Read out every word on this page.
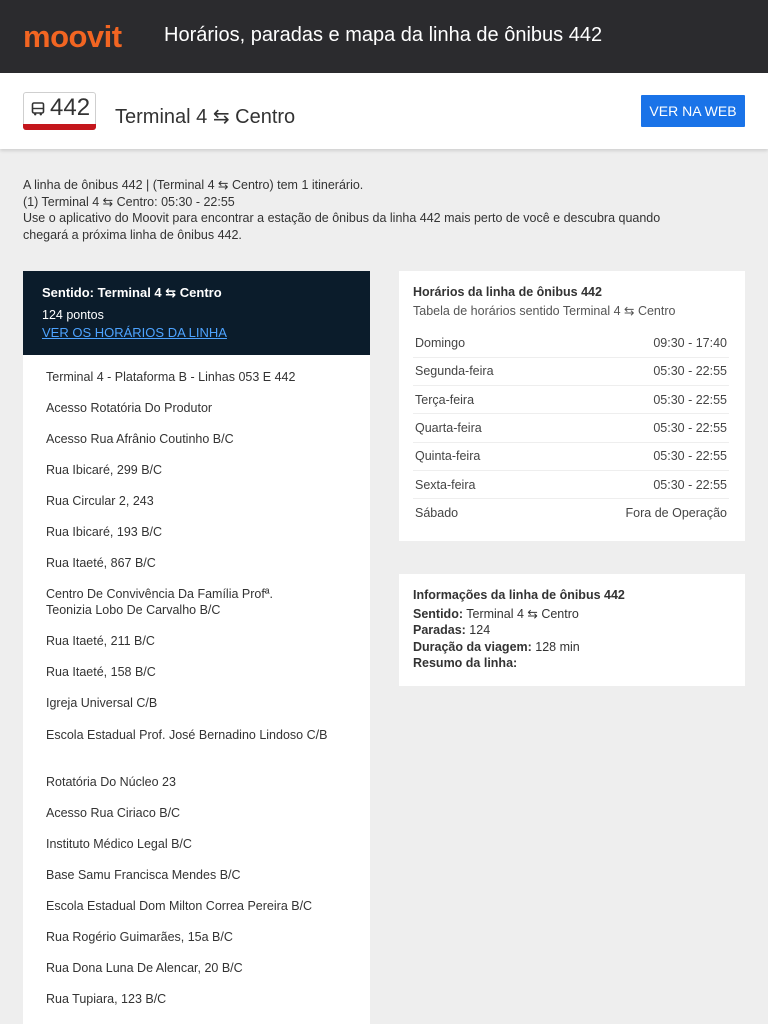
moovit Horários, paradas e mapa da linha de ônibus 442
442 Terminal 4 ⇆ Centro	VER NA WEB
A linha de ônibus 442 | (Terminal 4 ⇆ Centro) tem 1 itinerário.
(1) Terminal 4 ⇆ Centro: 05:30 - 22:55
Use o aplicativo do Moovit para encontrar a estação de ônibus da linha 442 mais perto de você e descubra quando
chegará a próxima linha de ônibus 442.
Sentido: Terminal 4 ⇆ Centro
124 pontos
VER OS HORÁRIOS DA LINHA
Terminal 4 - Plataforma B - Linhas 053 E 442
Acesso Rotatória Do Produtor
Acesso Rua Afrânio Coutinho B/C
Rua Ibicaré, 299 B/C
Rua Circular 2, 243
Rua Ibicaré, 193 B/C
Rua Itaeté, 867 B/C
Centro De Convivência Da Família Profª. Teonizia Lobo De Carvalho B/C
Rua Itaeté, 211 B/C
Rua Itaeté, 158 B/C
Igreja Universal C/B
Escola Estadual Prof. José Bernadino Lindoso C/B
Rotatória Do Núcleo 23
Acesso Rua Ciriaco B/C
Instituto Médico Legal B/C
Base Samu Francisca Mendes B/C
Escola Estadual Dom Milton Correa Pereira B/C
Rua Rogério Guimarães, 15a B/C
Rua Dona Luna De Alencar, 20 B/C
Rua Tupiara, 123 B/C
Horários da linha de ônibus 442
Tabela de horários sentido Terminal 4 ⇆ Centro
Domingo	09:30 - 17:40
Segunda-feira	05:30 - 22:55
Terça-feira	05:30 - 22:55
Quarta-feira	05:30 - 22:55
Quinta-feira	05:30 - 22:55
Sexta-feira	05:30 - 22:55
Sábado	Fora de Operação
Informações da linha de ônibus 442
Sentido: Terminal 4 ⇆ Centro
Paradas: 124
Duração da viagem: 128 min
Resumo da linha:
